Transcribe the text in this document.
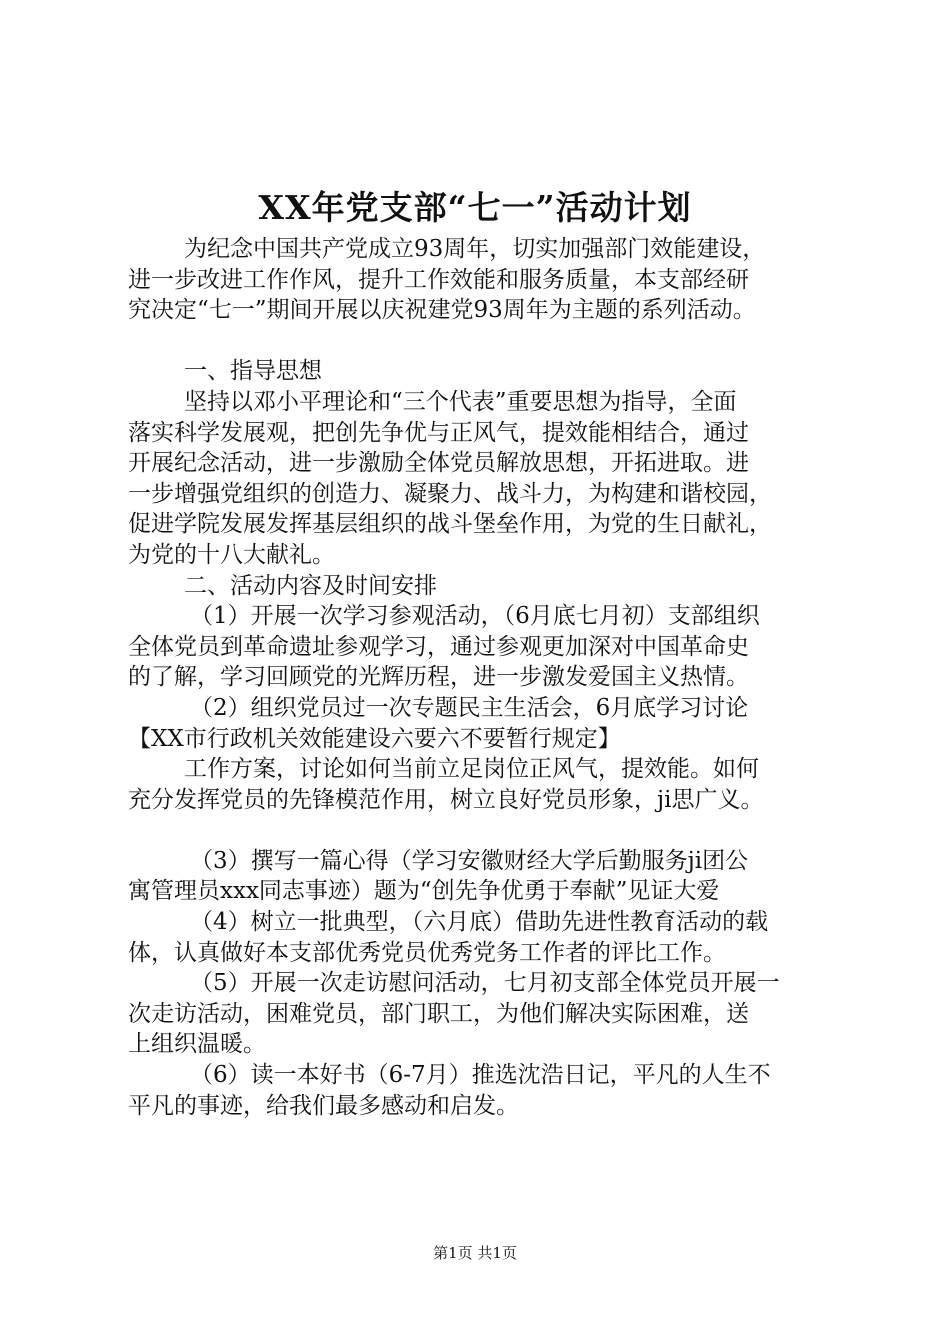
XX年党支部“七一”活动计划

为纪念中国共产党成立93周年，切实加强部门效能建设，

进一步改进工作作风，提升工作效能和服务质量，本支部经研

究决定“七一”期间开展以庆祝建党93周年为主题的系列活动。

一、指导思想

坚持以邓小平理论和“三个代表”重要思想为指导，全面

落实科学发展观，把创先争优与正风气，提效能相结合，通过

开展纪念活动，进一步激励全体党员解放思想，开拓进取。进

一步增强党组织的创造力、凝聚力、战斗力，为构建和谐校园，

促进学院发展发挥基层组织的战斗堡垒作用，为党的生日献礼，

为党的十八大献礼。

二、活动内容及时间安排

（1）开展一次学习参观活动，（6月底七月初）支部组织

全体党员到革命遗址参观学习，通过参观更加深对中国革命史

的了解，学习回顾党的光辉历程，进一步激发爱国主义热情。

（2）组织党员过一次专题民主生活会，6月底学习讨论

【XX市行政机关效能建设六要六不要暂行规定】

工作方案，讨论如何当前立足岗位正风气，提效能。如何

充分发挥党员的先锋模范作用，树立良好党员形象，ji思广义。

（3）撰写一篇心得（学习安徽财经大学后勤服务ji团公

寓管理员xxx同志事迹）题为“创先争优勇于奉献”见证大爱

（4）树立一批典型，（六月底）借助先进性教育活动的载

体，认真做好本支部优秀党员优秀党务工作者的评比工作。

（5）开展一次走访慰问活动，七月初支部全体党员开展一

次走访活动，困难党员，部门职工，为他们解决实际困难，送

上组织温暖。

（6）读一本好书（6-7月）推选沈浩日记，平凡的人生不

平凡的事迹，给我们最多感动和启发。

第1页 共1页
